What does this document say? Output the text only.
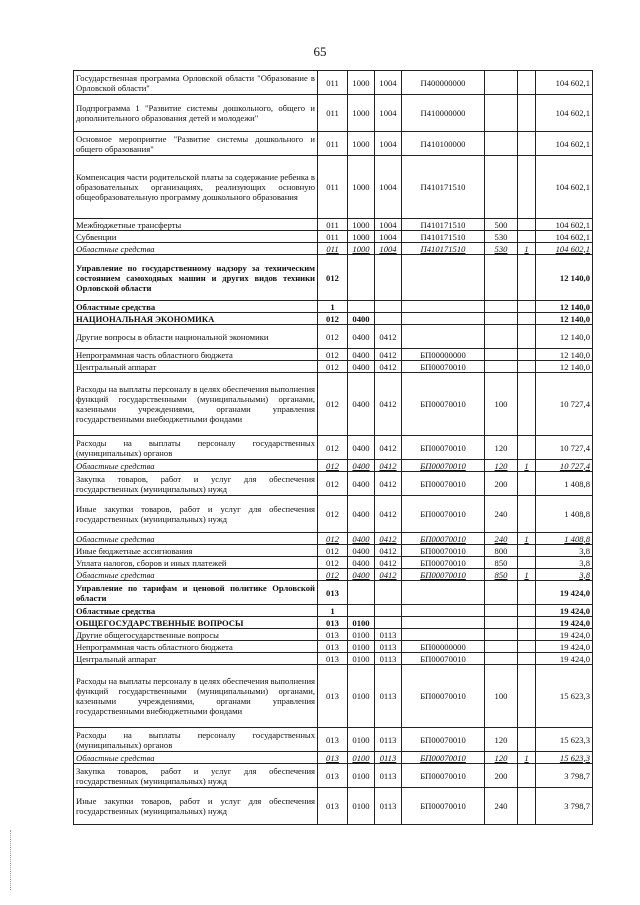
65
Государственная программа Орловской области "Образование в Орловской области"	011	1000	1004	П400000000			104 602,1
Подпрограмма 1 "Развитие системы дошкольного, общего и дополнительного образования детей и молодежи"	011	1000	1004	П410000000			104 602,1
Основное мероприятие "Развитие системы дошкольного и общего образования"	011	1000	1004	П410100000			104 602,1
Компенсация части родительской платы за содержание ребенка в образовательных организациях, реализующих основную общеобразовательную программу дошкольного образования	011	1000	1004	П410171510			104 602,1
Межбюджетные трансферты	011	1000	1004	П410171510	500		104 602,1
Субвенции	011	1000	1004	П410171510	530		104 602,1
Областные средства	011	1000	1004	П410171510	530	1	104 602,1
Управление по государственному надзору за техническим состоянием самоходных машин и других видов техники Орловской области	012						12 140,0
Областные средства	1						12 140,0
НАЦИОНАЛЬНАЯ ЭКОНОМИКА	012	0400					12 140,0
Другие вопросы в области национальной экономики	012	0400	0412				12 140,0
Непрограммная часть областного бюджета	012	0400	0412	БП00000000			12 140,0
Центральный аппарат	012	0400	0412	БП00070010			12 140,0
Расходы на выплаты персоналу в целях обеспечения выполнения функций государственными (муниципальными) органами, казенными учреждениями, органами управления государственными внебюджетными фондами	012	0400	0412	БП00070010	100		10 727,4
Расходы на выплаты персоналу государственных (муниципальных) органов	012	0400	0412	БП00070010	120		10 727,4
Областные средства	012	0400	0412	БП00070010	120	1	10 727,4
Закупка товаров, работ и услуг для обеспечения государственных (муниципальных) нужд	012	0400	0412	БП00070010	200		1 408,8
Иные закупки товаров, работ и услуг для обеспечения государственных (муниципальных) нужд	012	0400	0412	БП00070010	240		1 408,8
Областные средства	012	0400	0412	БП00070010	240	1	1 408,8
Иные бюджетные ассигнования	012	0400	0412	БП00070010	800		3,8
Уплата налогов, сборов и иных платежей	012	0400	0412	БП00070010	850		3,8
Областные средства	012	0400	0412	БП00070010	850	1	3,8
Управление по тарифам и ценовой политике Орловской области	013						19 424,0
Областные средства	1						19 424,0
ОБЩЕГОСУДАРСТВЕННЫЕ ВОПРОСЫ	013	0100					19 424,0
Другие общегосударственные вопросы	013	0100	0113				19 424,0
Непрограммная часть областного бюджета	013	0100	0113	БП00000000			19 424,0
Центральный аппарат	013	0100	0113	БП00070010			19 424,0
Расходы на выплаты персоналу в целях обеспечения выполнения функций государственными (муниципальными) органами, казенными учреждениями, органами управления государственными внебюджетными фондами	013	0100	0113	БП00070010	100		15 623,3
Расходы на выплаты персоналу государственных (муниципальных) органов	013	0100	0113	БП00070010	120		15 623,3
Областные средства	013	0100	0113	БП00070010	120	1	15 623,3
Закупка товаров, работ и услуг для обеспечения государственных (муниципальных) нужд	013	0100	0113	БП00070010	200		3 798,7
Иные закупки товаров, работ и услуг для обеспечения государственных (муниципальных) нужд	013	0100	0113	БП00070010	240		3 798,7
